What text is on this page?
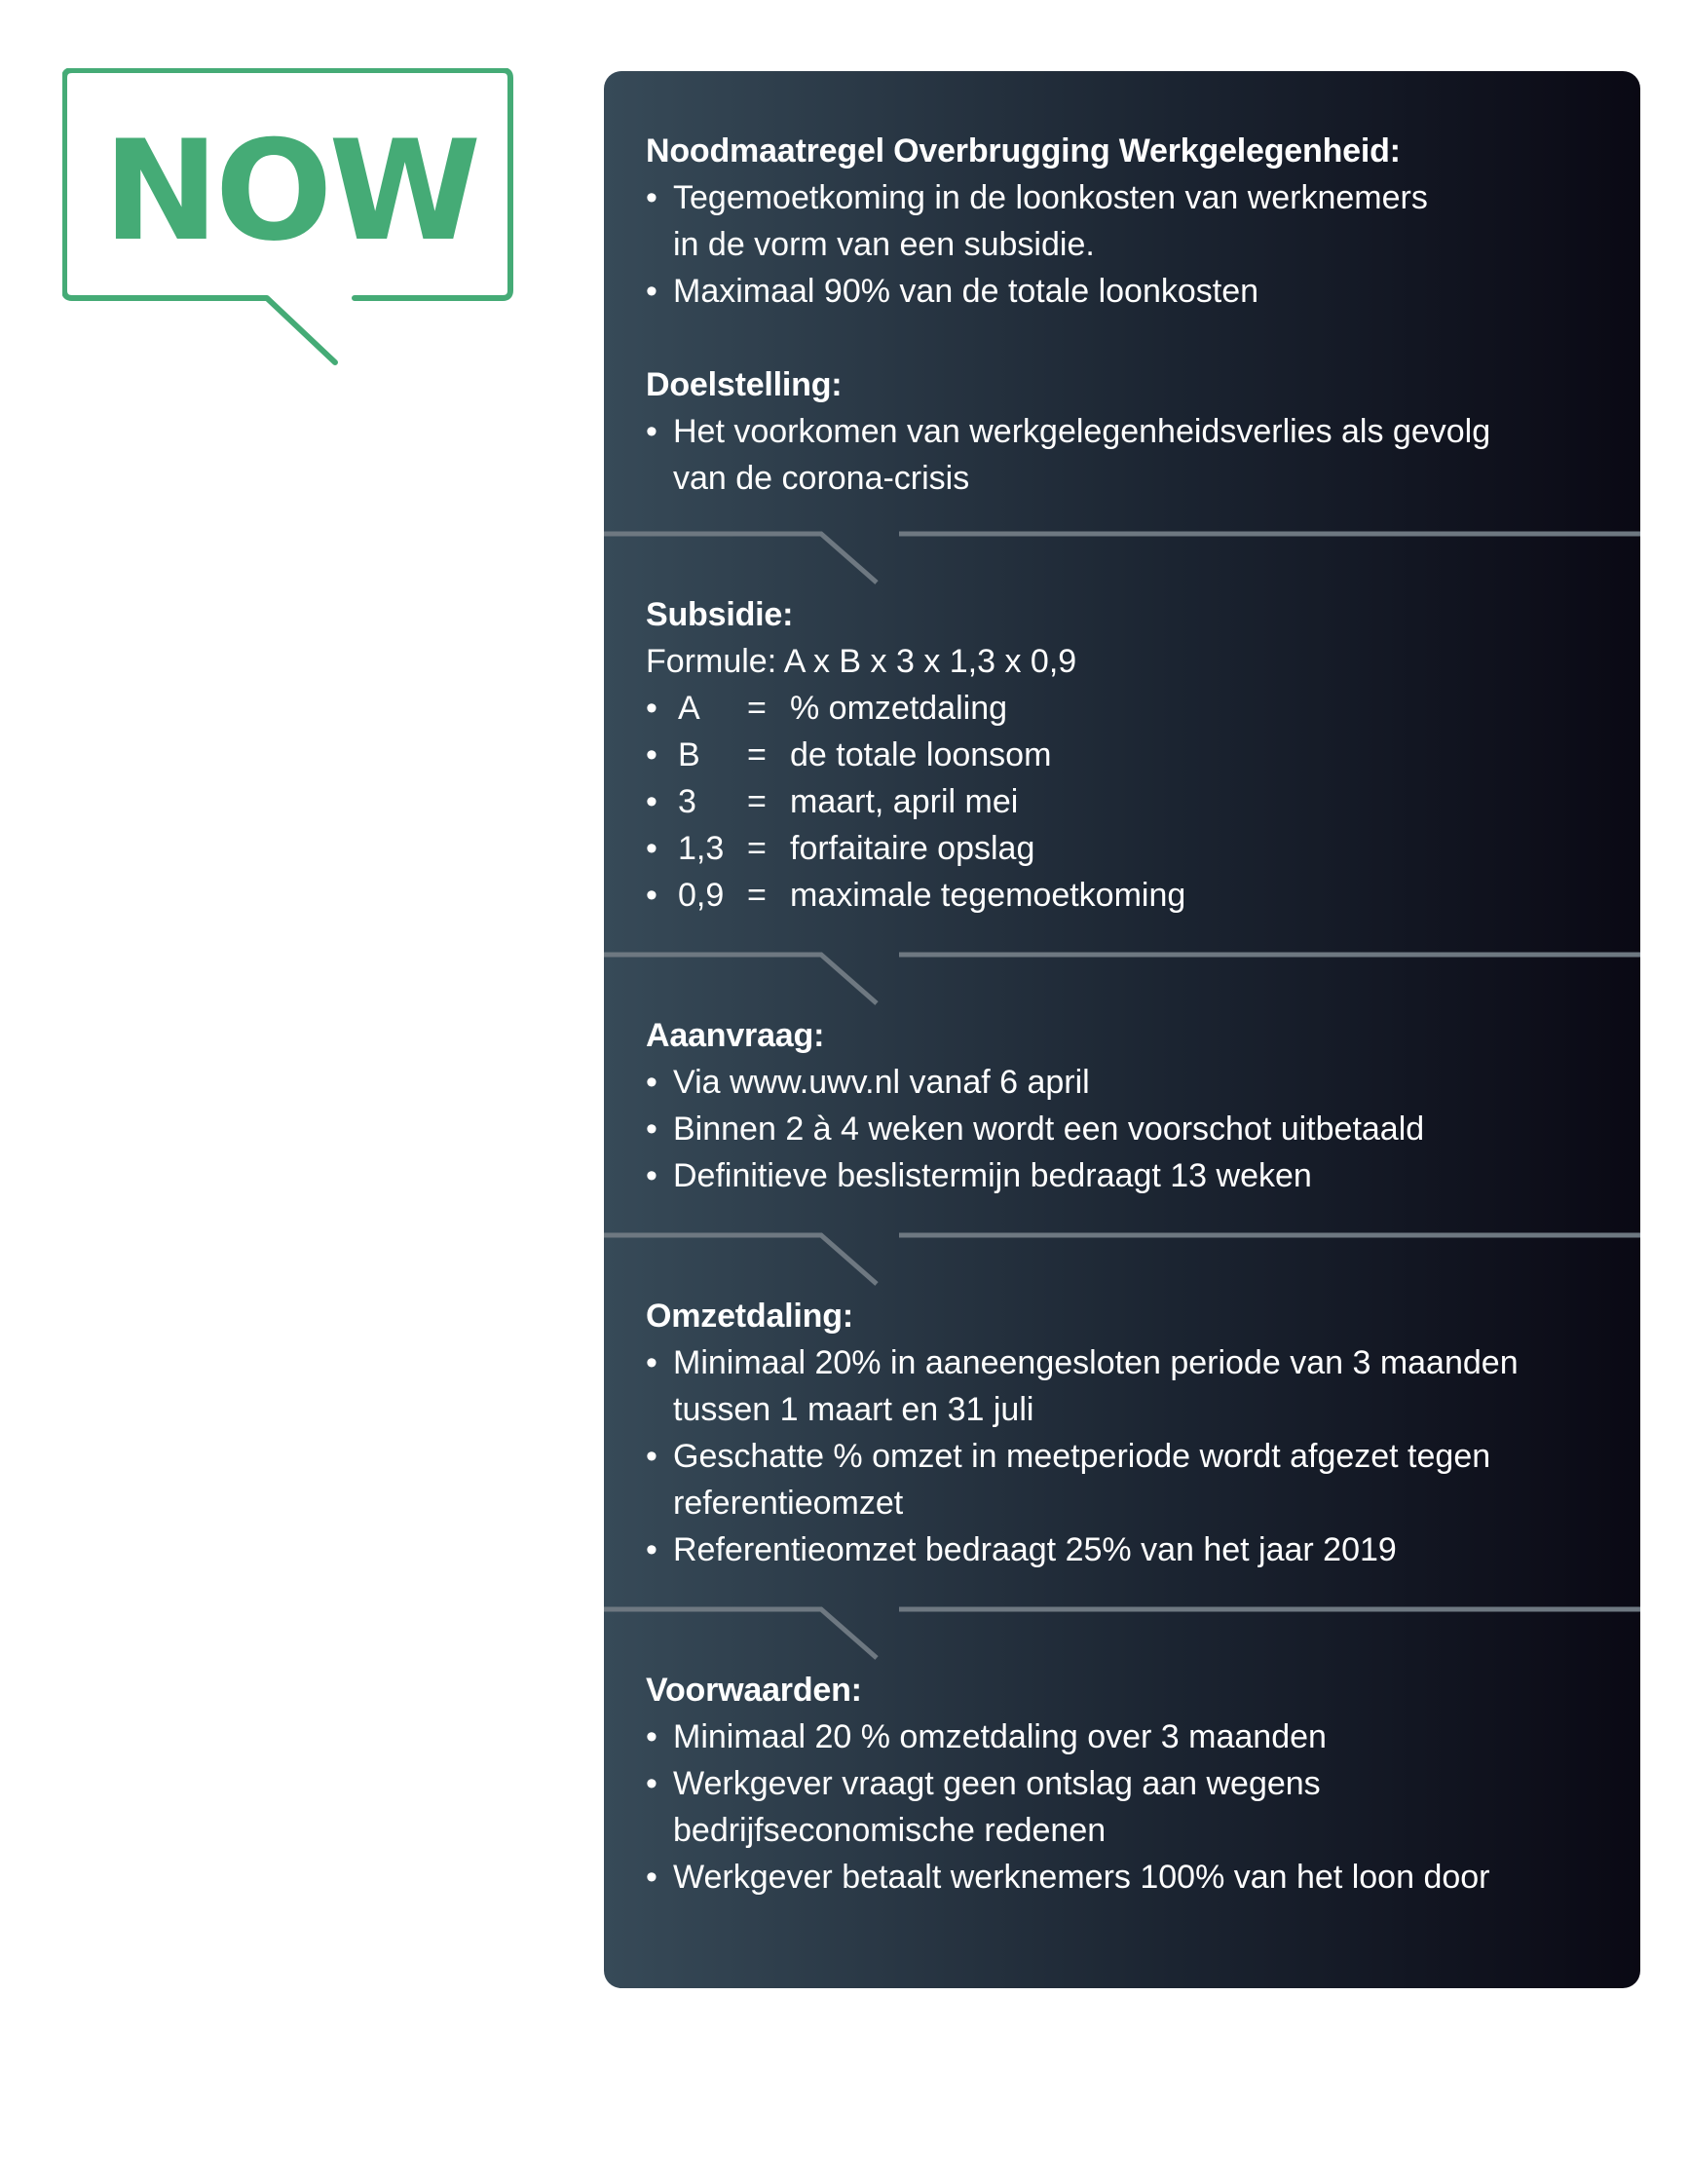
NOW	Noodmaatregel Overbrugging Werkgelegenheid:
• Tegemoetkoming in de loonkosten van werknemers
in de vorm van een subsidie.
• Maximaal 90% van de totale loonkosten
Doelstelling:
• Het voorkomen van werkgelegenheidsverlies als gevolg
van de corona-crisis
Subsidie:
Formule: A x B x 3 x 1,3 x 0,9
• A = % omzetdaling
• B = de totale loonsom
• 3 = maart, april mei
• 1,3 = forfaitaire opslag
• 0,9 = maximale tegemoetkoming
Aaanvraag:
• Via www.uwv.nl vanaf 6 april
• Binnen 2 à 4 weken wordt een voorschot uitbetaald
• Definitieve beslistermijn bedraagt 13 weken
Omzetdaling:
• Minimaal 20% in aaneengesloten periode van 3 maanden
tussen 1 maart en 31 juli
• Geschatte % omzet in meetperiode wordt afgezet tegen
referentieomzet
• Referentieomzet bedraagt 25% van het jaar 2019
Voorwaarden:
• Minimaal 20 % omzetdaling over 3 maanden
• Werkgever vraagt geen ontslag aan wegens
bedrijfseconomische redenen
• Werkgever betaalt werknemers 100% van het loon door
